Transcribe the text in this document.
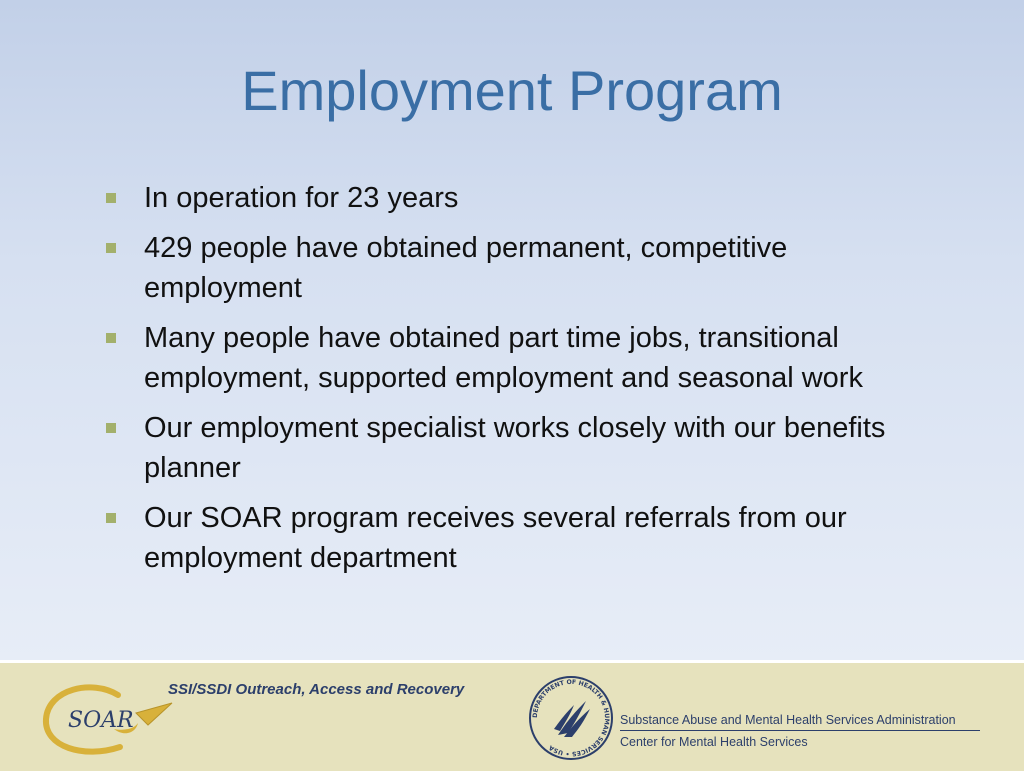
Employment Program
In operation for 23 years
429 people have obtained permanent, competitive employment
Many people have obtained part time jobs, transitional employment, supported employment and seasonal work
Our employment specialist works closely with our benefits planner
Our SOAR program receives several referrals from our employment department
SOAR
SSI/SSDI Outreach, Access and Recovery
DEPARTMENT OF HEALTH & HUMAN SERVICES • USA
Substance Abuse and Mental Health Services Administration
Center for Mental Health Services
